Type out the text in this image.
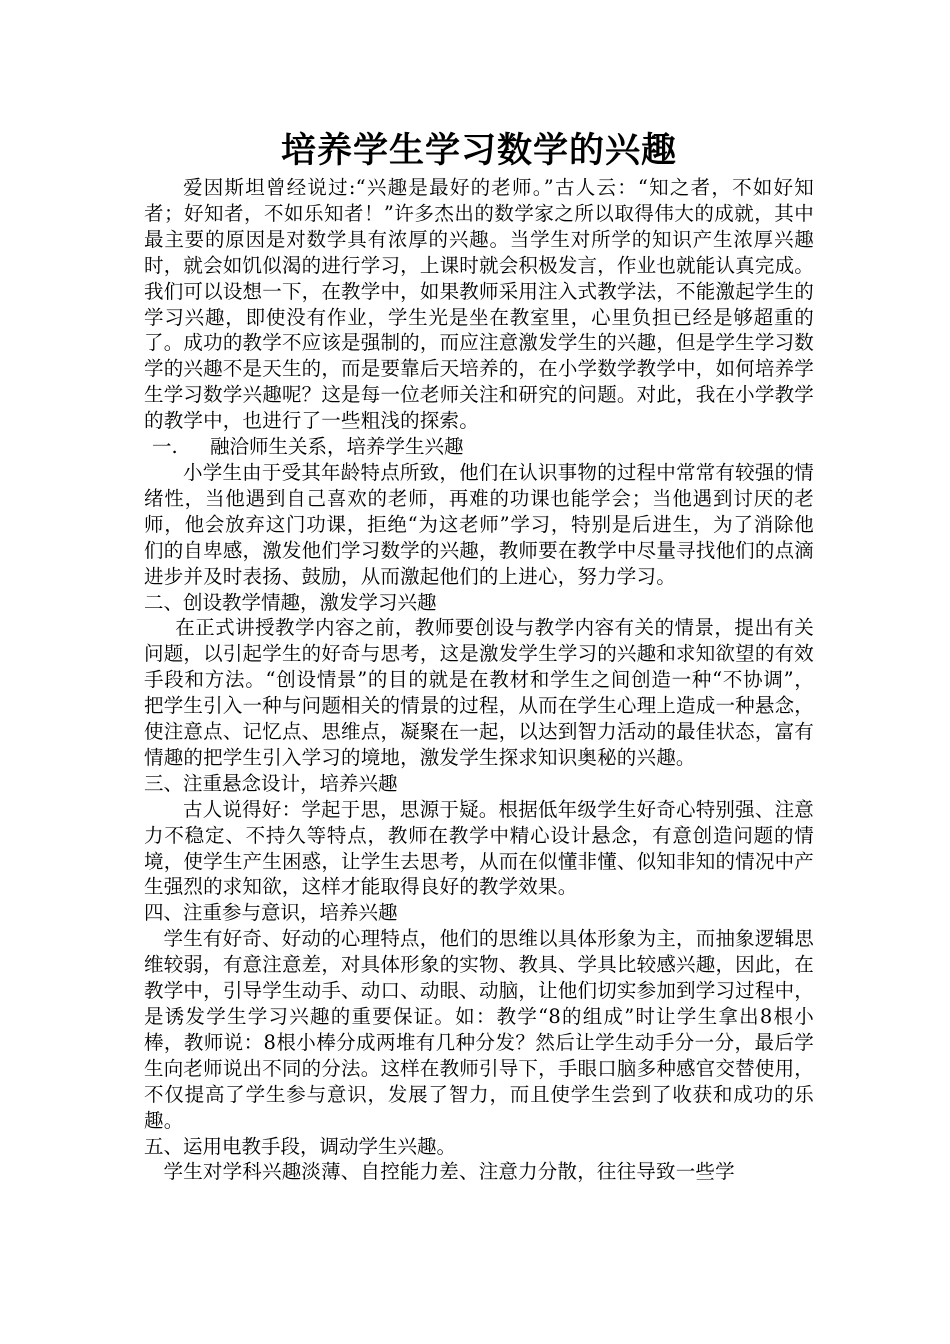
培养学生学习数学的兴趣

爱因斯坦曾经说过:“兴趣是最好的老师。”古人云：“知之者，不如好知者；好知者，不如乐知者！”许多杰出的数学家之所以取得伟大的成就，其中最主要的原因是对数学具有浓厚的兴趣。当学生对所学的知识产生浓厚兴趣时，就会如饥似渴的进行学习，上课时就会积极发言，作业也就能认真完成。我们可以设想一下，在教学中，如果教师采用注入式教学法，不能激起学生的学习兴趣，即使没有作业，学生光是坐在教室里，心里负担已经是够超重的了。成功的教学不应该是强制的，而应注意激发学生的兴趣，但是学生学习数学的兴趣不是天生的，而是要靠后天培养的，在小学数学教学中，如何培养学生学习数学兴趣呢？这是每一位老师关注和研究的问题。对此，我在小学教学的教学中，也进行了一些粗浅的探索。

一. 融洽师生关系，培养学生兴趣

小学生由于受其年龄特点所致，他们在认识事物的过程中常常有较强的情绪性，当他遇到自己喜欢的老师，再难的功课也能学会；当他遇到讨厌的老师，他会放弃这门功课，拒绝“为这老师”学习，特别是后进生，为了消除他们的自卑感，激发他们学习数学的兴趣，教师要在教学中尽量寻找他们的点滴进步并及时表扬、鼓励，从而激起他们的上进心，努力学习。

二、创设教学情趣，激发学习兴趣

在正式讲授教学内容之前，教师要创设与教学内容有关的情景，提出有关问题，以引起学生的好奇与思考，这是激发学生学习的兴趣和求知欲望的有效手段和方法。“创设情景”的目的就是在教材和学生之间创造一种“不协调”，把学生引入一种与问题相关的情景的过程，从而在学生心理上造成一种悬念，使注意点、记忆点、思维点，凝聚在一起，以达到智力活动的最佳状态，富有情趣的把学生引入学习的境地，激发学生探求知识奥秘的兴趣。

三、注重悬念设计，培养兴趣

古人说得好：学起于思，思源于疑。根据低年级学生好奇心特别强、注意力不稳定、不持久等特点，教师在教学中精心设计悬念，有意创造问题的情境，使学生产生困惑，让学生去思考，从而在似懂非懂、似知非知的情况中产生强烈的求知欲，这样才能取得良好的教学效果。

四、注重参与意识，培养兴趣

学生有好奇、好动的心理特点，他们的思维以具体形象为主，而抽象逻辑思维较弱，有意注意差，对具体形象的实物、教具、学具比较感兴趣，因此，在教学中，引导学生动手、动口、动眼、动脑，让他们切实参加到学习过程中，是诱发学生学习兴趣的重要保证。如：教学“8的组成”时让学生拿出8根小棒，教师说：8根小棒分成两堆有几种分发？然后让学生动手分一分，最后学生向老师说出不同的分法。这样在教师引导下，手眼口脑多种感官交替使用，不仅提高了学生参与意识，发展了智力，而且使学生尝到了收获和成功的乐趣。

五、运用电教手段，调动学生兴趣。

学生对学科兴趣淡薄、自控能力差、注意力分散，往往导致一些学
